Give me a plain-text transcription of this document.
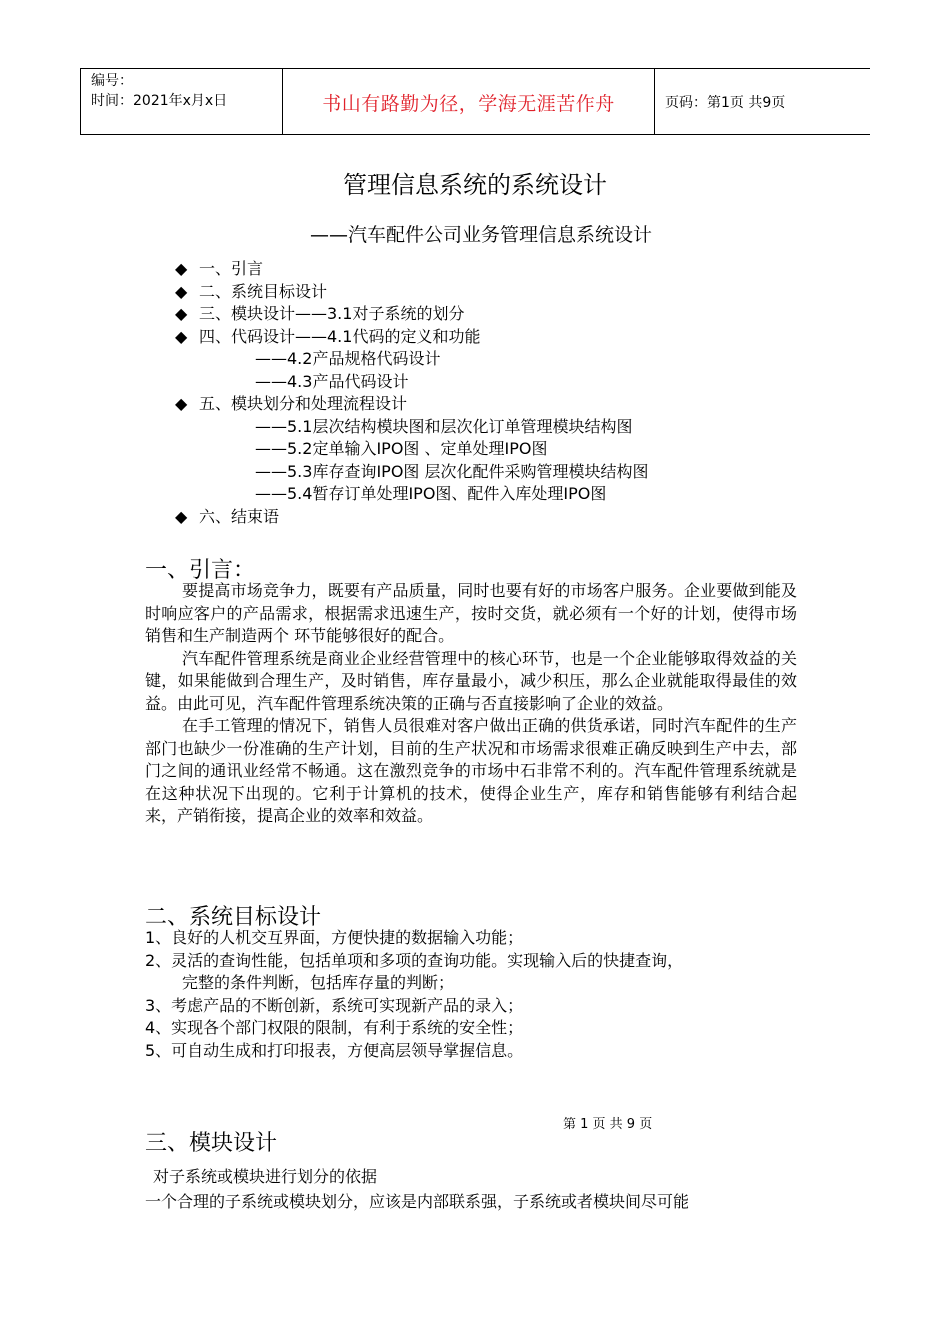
编号：
时间：2021年x月x日	书山有路勤为径，学海无涯苦作舟	页码：第1页 共9页
管理信息系统的系统设计
——汽车配件公司业务管理信息系统设计
◆ 一、引言
◆ 二、系统目标设计
◆ 三、模块设计——3.1对子系统的划分
◆ 四、代码设计——4.1代码的定义和功能
——4.2产品规格代码设计
——4.3产品代码设计
◆ 五、模块划分和处理流程设计
——5.1层次结构模块图和层次化订单管理模块结构图
——5.2定单输入IPO图 、定单处理IPO图
——5.3库存查询IPO图 层次化配件采购管理模块结构图
——5.4暂存订单处理IPO图、配件入库处理IPO图
◆ 六、结束语
一、引言：

要提高市场竞争力，既要有产品质量，同时也要有好的市场客户服务。企业要做到能及时响应客户的产品需求，根据需求迅速生产，按时交货，就必须有一个好的计划，使得市场销售和生产制造两个 环节能够很好的配合。

汽车配件管理系统是商业企业经营管理中的核心环节，也是一个企业能够取得效益的关键，如果能做到合理生产，及时销售，库存量最小，减少积压，那么企业就能取得最佳的效益。由此可见，汽车配件管理系统决策的正确与否直接影响了企业的效益。

在手工管理的情况下，销售人员很难对客户做出正确的供货承诺，同时汽车配件的生产部门也缺少一份准确的生产计划，目前的生产状况和市场需求很难正确反映到生产中去，部门之间的通讯业经常不畅通。这在激烈竞争的市场中石非常不利的。汽车配件管理系统就是在这种状况下出现的。它利于计算机的技术，使得企业生产，库存和销售能够有利结合起来，产销衔接，提高企业的效率和效益。

二、系统目标设计
1、良好的人机交互界面，方便快捷的数据输入功能；
2、灵活的查询性能，包括单项和多项的查询功能。实现输入后的快捷查询，
完整的条件判断，包括库存量的判断；
3、考虑产品的不断创新，系统可实现新产品的录入；
4、实现各个部门权限的限制，有利于系统的安全性；
5、可自动生成和打印报表，方便高层领导掌握信息。
第 1 页 共 9 页
三、模块设计
对子系统或模块进行划分的依据
一个合理的子系统或模块划分，应该是内部联系强，子系统或者模块间尽可能
